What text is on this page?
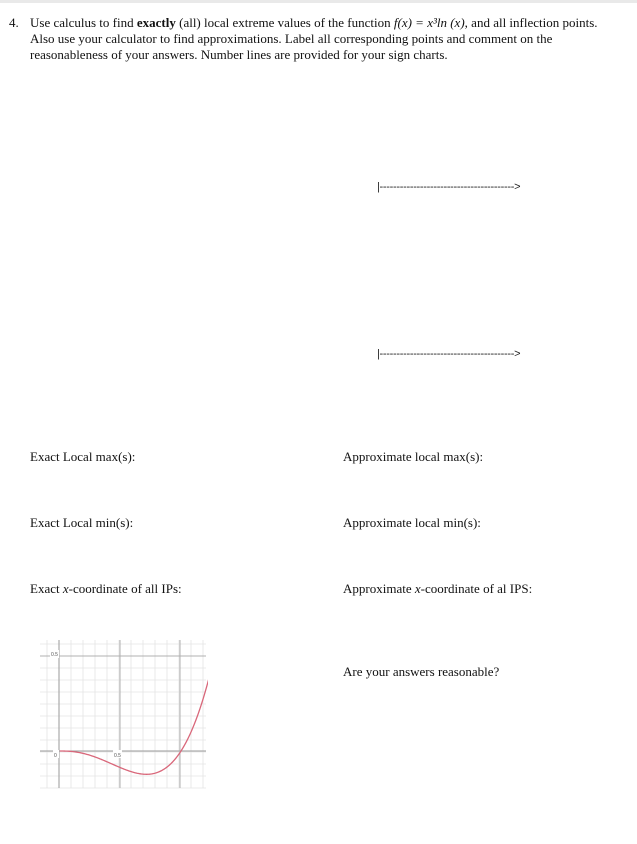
4. Use calculus to find exactly (all) local extreme values of the function f(x) = x³ln (x), and all inflection points. Also use your calculator to find approximations. Label all corresponding points and comment on the reasonableness of your answers. Number lines are provided for your sign charts.
|---------------------------------------->
|---------------------------------------->
Exact Local max(s):	Approximate local max(s):
Exact Local min(s):	Approximate local min(s):
Exact x-coordinate of all IPs:	Approximate x-coordinate of al IPS:
Are your answers reasonable?
0.5
0	0.5
